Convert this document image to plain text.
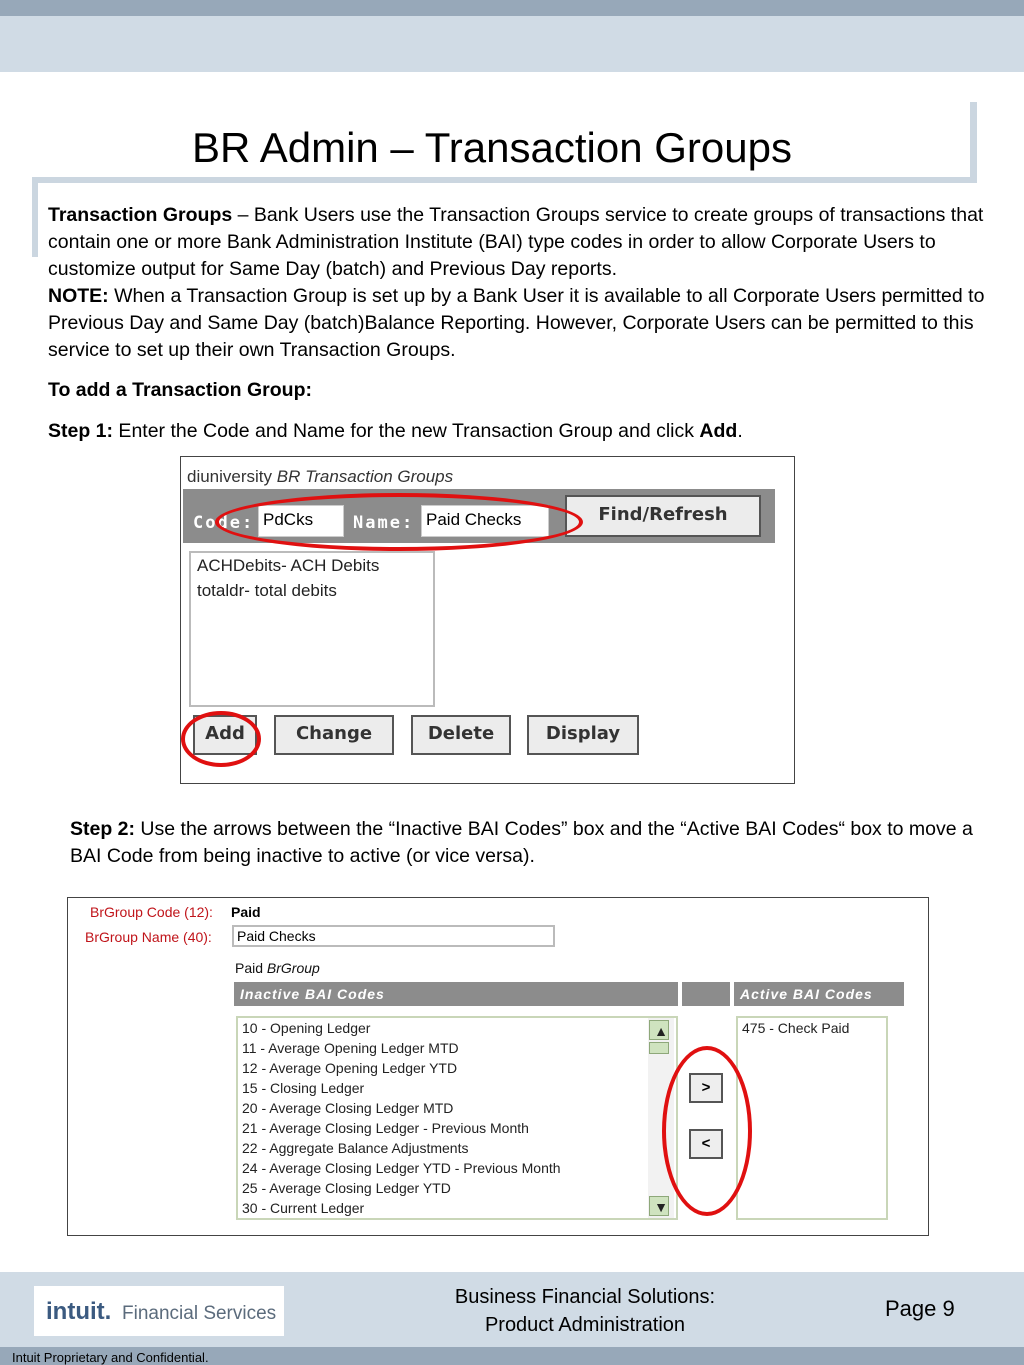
BR Admin – Transaction Groups

Transaction Groups – Bank Users use the Transaction Groups service to create groups of transactions that contain one or more Bank Administration Institute (BAI) type codes in order to allow Corporate Users to customize output for Same Day (batch) and Previous Day reports.

NOTE: When a Transaction Group is set up by a Bank User it is available to all Corporate Users permitted to Previous Day and Same Day (batch)Balance Reporting. However, Corporate Users can be permitted to this service to set up their own Transaction Groups.

To add a Transaction Group:
Step 1: Enter the Code and Name for the new Transaction Group and click Add.
diuniversity BR Transaction Groups
Code: PdCks	Name: Paid Checks	Find/Refresh
ACHDebits- ACH Debits
totaldr- total debits
Add	Change	Delete	Display
Step 2: Use the arrows between the “Inactive BAI Codes” box and the “Active BAI Codes“ box to move a BAI Code from being inactive to active (or vice versa).
BrGroup Code (12): Paid
BrGroup Name (40):	Paid Checks
Paid BrGroup
Inactive BAI Codes	Active BAI Codes
10 - Opening Ledger
11 - Average Opening Ledger MTD
12 - Average Opening Ledger YTD
15 - Closing Ledger
20 - Average Closing Ledger MTD
21 - Average Closing Ledger - Previous Month
22 - Aggregate Balance Adjustments
24 - Average Closing Ledger YTD - Previous Month
25 - Average Closing Ledger YTD
30 - Current Ledger
▲
▼
>
<
475 - Check Paid
intuit. Financial Services
Business Financial Solutions:
Product Administration
Page 9
Intuit Proprietary and Confidential.
